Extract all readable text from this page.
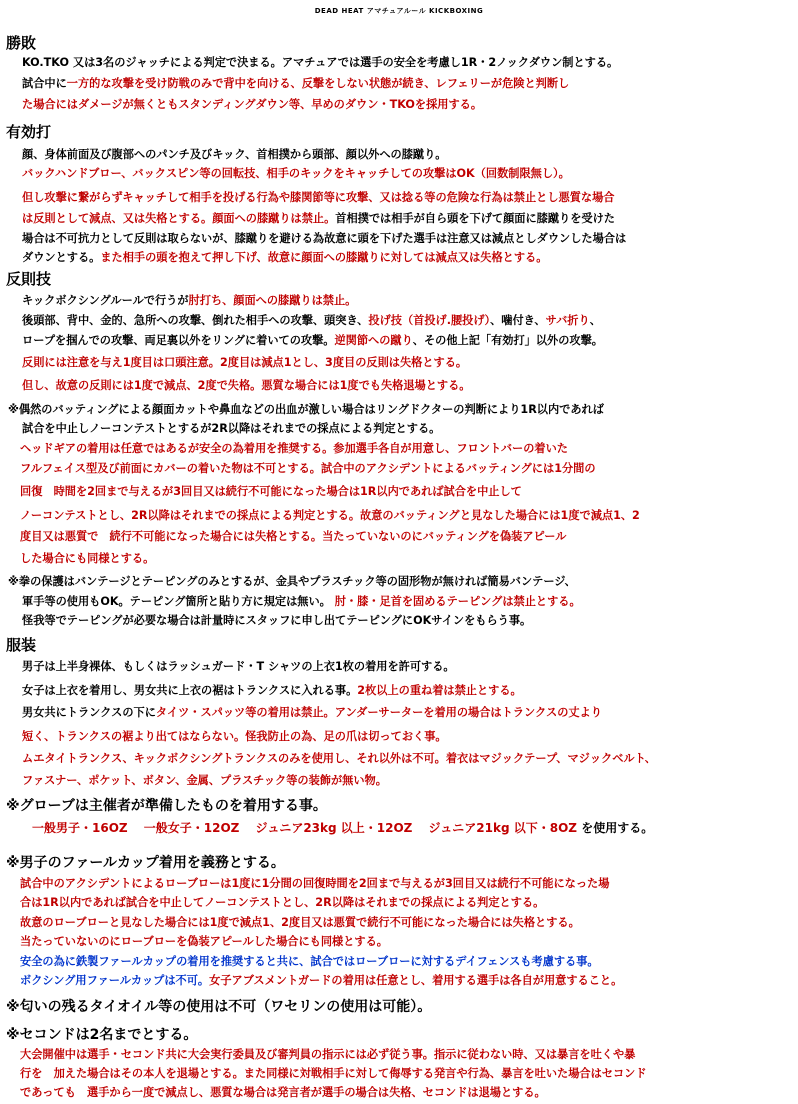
DEAD HEAT アマチュアルール KICKBOXING
勝敗
KO.TKO 又は3名のジャッチによる判定で決まる。アマチュアでは選手の安全を考慮し1R・2ノックダウン制とする。
試合中に一方的な攻撃を受け防戦のみで背中を向ける、反撃をしない状態が続き、レフェリーが危険と判断し
た場合にはダメージが無くともスタンディングダウン等、早めのダウン・TKOを採用する。
有効打
顔、身体前面及び腹部へのパンチ及びキック、首相撲から頭部、顔以外への膝蹴り。
バックハンドブロー、バックスピン等の回転技、相手のキックをキャッチしての攻撃はOK（回数制限無し）。
但し攻撃に繋がらずキャッチして相手を投げる行為や膝関節等に攻撃、又は捻る等の危険な行為は禁止とし悪質な場合
は反則として減点、又は失格とする。顔面への膝蹴りは禁止。首相撲では相手が自ら頭を下げて顔面に膝蹴りを受けた
場合は不可抗力として反則は取らないが、膝蹴りを避ける為故意に頭を下げた選手は注意又は減点としダウンした場合は
ダウンとする。また相手の頭を抱えて押し下げ、故意に顔面への膝蹴りに対しては減点又は失格とする。
反則技
キックボクシングルールで行うが肘打ち、顔面への膝蹴りは禁止。
後頭部、背中、金的、急所への攻撃、倒れた相手への攻撃、頭突き、投げ技（首投げ.腰投げ）、噛付き、サバ折り、
ロープを掴んでの攻撃、両足裏以外をリングに着いての攻撃。逆関節への蹴り、その他上記「有効打」以外の攻撃。
反則には注意を与え1度目は口頭注意。2度目は減点1とし、3度目の反則は失格とする。
但し、故意の反則には1度で減点、2度で失格。悪質な場合には1度でも失格退場とする。
※偶然のバッティングによる顔面カットや鼻血などの出血が激しい場合はリングドクターの判断により1R以内であれば
試合を中止しノーコンテストとするが2R以降はそれまでの採点による判定とする。
ヘッドギアの着用は任意ではあるが安全の為着用を推奨する。参加選手各自が用意し、フロントバーの着いた
フルフェイス型及び前面にカバーの着いた物は不可とする。試合中のアクシデントによるバッティングには1分間の
回復　時間を2回まで与えるが3回目又は続行不可能になった場合は1R以内であれば試合を中止して
ノーコンテストとし、2R以降はそれまでの採点による判定とする。故意のバッティングと見なした場合には1度で減点1、2
度目又は悪質で　続行不可能になった場合には失格とする。当たっていないのにバッティングを偽装アピール
した場合にも同様とする。
※拳の保護はバンテージとテーピングのみとするが、金具やプラスチック等の固形物が無ければ簡易バンテージ、
軍手等の使用もOK。テーピング箇所と貼り方に規定は無い。 肘・膝・足首を固めるテーピングは禁止とする。
怪我等でテーピングが必要な場合は計量時にスタッフに申し出てテーピングにOKサインをもらう事。
服装
男子は上半身裸体、もしくはラッシュガード・T シャツの上衣1枚の着用を許可する。
女子は上衣を着用し、男女共に上衣の裾はトランクスに入れる事。2枚以上の重ね着は禁止とする。
男女共にトランクスの下にタイツ・スパッツ等の着用は禁止。アンダーサーターを着用の場合はトランクスの丈より
短く、トランクスの裾より出てはならない。怪我防止の為、足の爪は切っておく事。
ムエタイトランクス、キックボクシングトランクスのみを使用し、それ以外は不可。着衣はマジックテープ、マジックベルト、
ファスナー、ポケット、ボタン、金属、プラスチック等の装飾が無い物。
※グローブは主催者が準備したものを着用する事。
一般男子・16OZ　 一般女子・12OZ　 ジュニア23kg 以上・12OZ　 ジュニア21kg 以下・8OZ を使用する。
※男子のファールカップ着用を義務とする。
試合中のアクシデントによるローブローは1度に1分間の回復時間を2回まで与えるが3回目又は続行不可能になった場
合は1R以内であれば試合を中止してノーコンテストとし、2R以降はそれまでの採点による判定とする。
故意のローブローと見なした場合には1度で減点1、2度目又は悪質で続行不可能になった場合には失格とする。
当たっていないのにローブローを偽装アピールした場合にも同様とする。
安全の為に鉄製ファールカップの着用を推奨すると共に、試合ではローブローに対するデイフェンスも考慮する事。
ボクシング用ファールカップは不可。女子アブスメントガードの着用は任意とし、着用する選手は各自が用意すること。
※匂いの残るタイオイル等の使用は不可（ワセリンの使用は可能）。
※セコンドは2名までとする。
大会開催中は選手・セコンド共に大会実行委員及び審判員の指示には必ず従う事。指示に従わない時、又は暴言を吐くや暴
行を　加えた場合はその本人を退場とする。また同様に対戦相手に対して侮辱する発言や行為、暴言を吐いた場合はセコンド
であっても　選手から一度で減点し、悪質な場合は発言者が選手の場合は失格、セコンドは退場とする。
